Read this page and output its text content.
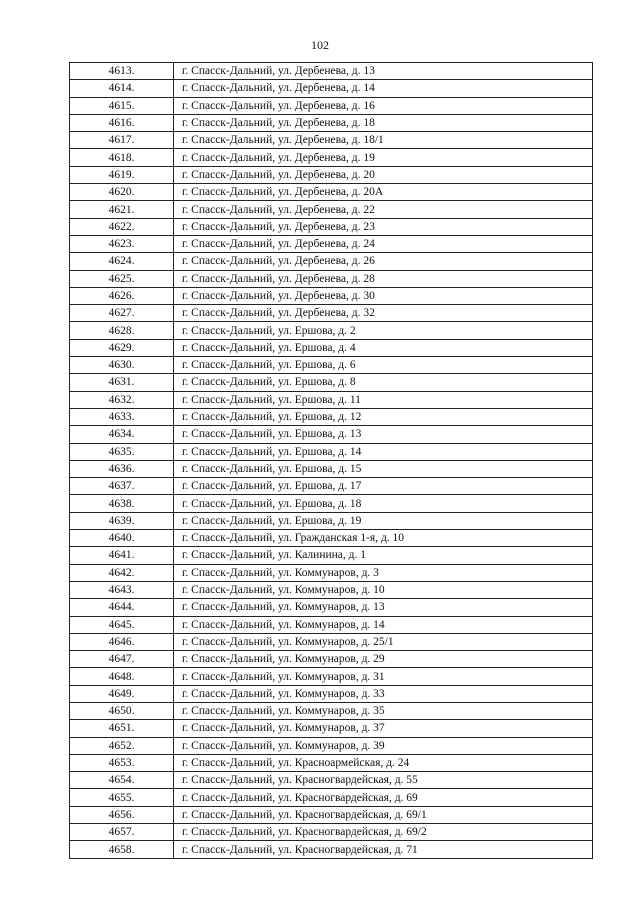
102
4613.	г. Спасск-Дальний, ул. Дербенева, д. 13
4614.	г. Спасск-Дальний, ул. Дербенева, д. 14
4615.	г. Спасск-Дальний, ул. Дербенева, д. 16
4616.	г. Спасск-Дальний, ул. Дербенева, д. 18
4617.	г. Спасск-Дальний, ул. Дербенева, д. 18/1
4618.	г. Спасск-Дальний, ул. Дербенева, д. 19
4619.	г. Спасск-Дальний, ул. Дербенева, д. 20
4620.	г. Спасск-Дальний, ул. Дербенева, д. 20А
4621.	г. Спасск-Дальний, ул. Дербенева, д. 22
4622.	г. Спасск-Дальний, ул. Дербенева, д. 23
4623.	г. Спасск-Дальний, ул. Дербенева, д. 24
4624.	г. Спасск-Дальний, ул. Дербенева, д. 26
4625.	г. Спасск-Дальний, ул. Дербенева, д. 28
4626.	г. Спасск-Дальний, ул. Дербенева, д. 30
4627.	г. Спасск-Дальний, ул. Дербенева, д. 32
4628.	г. Спасск-Дальний, ул. Ершова, д. 2
4629.	г. Спасск-Дальний, ул. Ершова, д. 4
4630.	г. Спасск-Дальний, ул. Ершова, д. 6
4631.	г. Спасск-Дальний, ул. Ершова, д. 8
4632.	г. Спасск-Дальний, ул. Ершова, д. 11
4633.	г. Спасск-Дальний, ул. Ершова, д. 12
4634.	г. Спасск-Дальний, ул. Ершова, д. 13
4635.	г. Спасск-Дальний, ул. Ершова, д. 14
4636.	г. Спасск-Дальний, ул. Ершова, д. 15
4637.	г. Спасск-Дальний, ул. Ершова, д. 17
4638.	г. Спасск-Дальний, ул. Ершова, д. 18
4639.	г. Спасск-Дальний, ул. Ершова, д. 19
4640.	г. Спасск-Дальний, ул. Гражданская 1-я, д. 10
4641.	г. Спасск-Дальний, ул. Калинина, д. 1
4642.	г. Спасск-Дальний, ул. Коммунаров, д. 3
4643.	г. Спасск-Дальний, ул. Коммунаров, д. 10
4644.	г. Спасск-Дальний, ул. Коммунаров, д. 13
4645.	г. Спасск-Дальний, ул. Коммунаров, д. 14
4646.	г. Спасск-Дальний, ул. Коммунаров, д. 25/1
4647.	г. Спасск-Дальний, ул. Коммунаров, д. 29
4648.	г. Спасск-Дальний, ул. Коммунаров, д. 31
4649.	г. Спасск-Дальний, ул. Коммунаров, д. 33
4650.	г. Спасск-Дальний, ул. Коммунаров, д. 35
4651.	г. Спасск-Дальний, ул. Коммунаров, д. 37
4652.	г. Спасск-Дальний, ул. Коммунаров, д. 39
4653.	г. Спасск-Дальний, ул. Красноармейская, д. 24
4654.	г. Спасск-Дальний, ул. Красногвардейская, д. 55
4655.	г. Спасск-Дальний, ул. Красногвардейская, д. 69
4656.	г. Спасск-Дальний, ул. Красногвардейская, д. 69/1
4657.	г. Спасск-Дальний, ул. Красногвардейская, д. 69/2
4658.	г. Спасск-Дальний, ул. Красногвардейская, д. 71
